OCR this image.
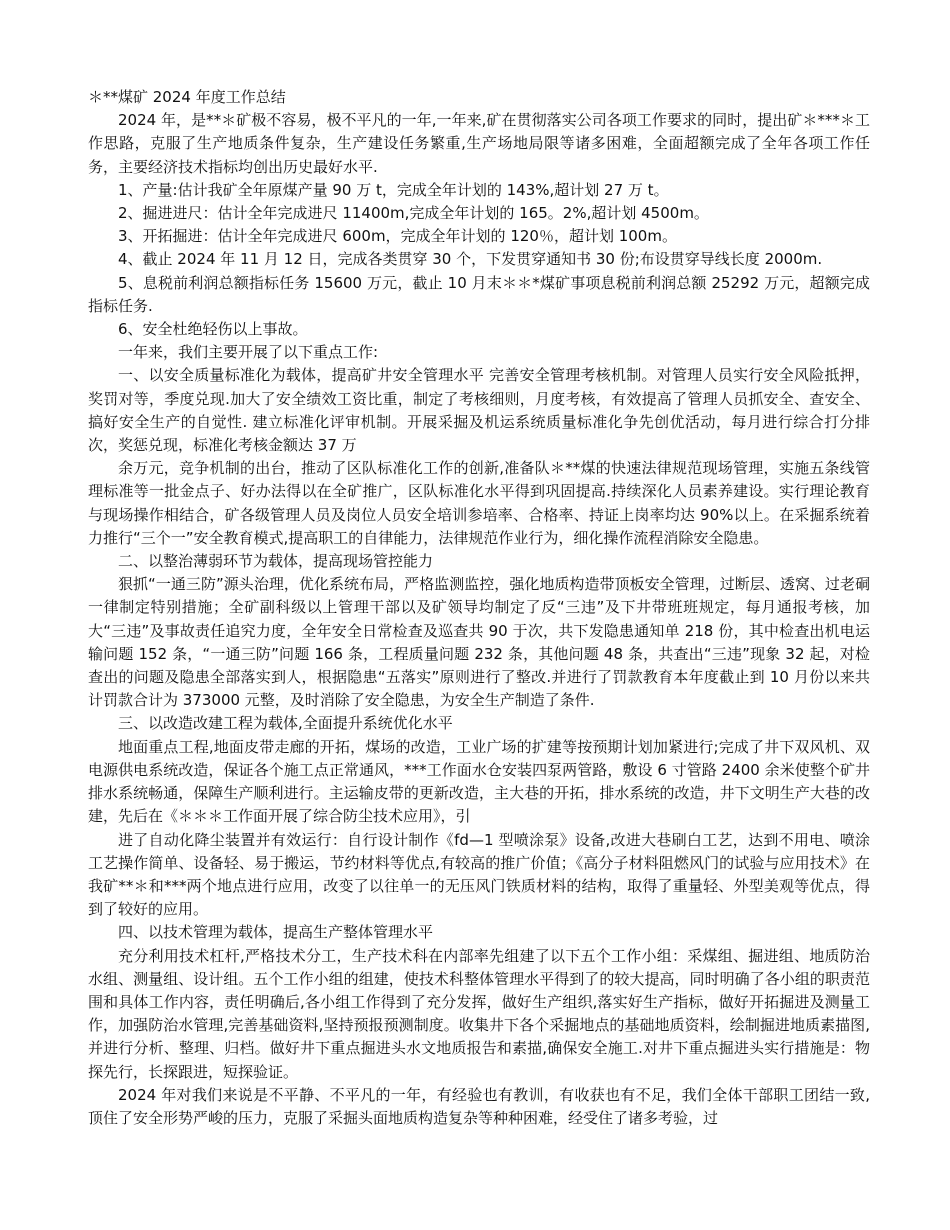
＊**煤矿 2024 年度工作总结

2024 年，是**＊矿极不容易，极不平凡的一年,一年来,矿在贯彻落实公司各项工作要求的同时，提出矿＊***＊工作思路，克服了生产地质条件复杂，生产建设任务繁重,生产场地局限等诸多困难，全面超额完成了全年各项工作任务，主要经济技术指标均创出历史最好水平.

1、产量:估计我矿全年原煤产量 90 万 t，完成全年计划的 143%,超计划 27 万 t。

2、掘进进尺：估计全年完成进尺 11400m,完成全年计划的 165。2%,超计划 4500m。

3、开拓掘进：估计全年完成进尺 600m，完成全年计划的 120％，超计划 100m。

4、截止 2024 年 11 月 12 日，完成各类贯穿 30 个，下发贯穿通知书 30 份;布设贯穿导线长度 2000m.

5、息税前利润总额指标任务 15600 万元，截止 10 月末＊＊*煤矿事项息税前利润总额 25292 万元，超额完成指标任务.

6、安全杜绝轻伤以上事故。

一年来，我们主要开展了以下重点工作:

一、以安全质量标准化为载体，提高矿井安全管理水平 完善安全管理考核机制。对管理人员实行安全风险抵押，奖罚对等，季度兑现.加大了安全绩效工资比重，制定了考核细则，月度考核，有效提高了管理人员抓安全、查安全、搞好安全生产的自觉性. 建立标准化评审机制。开展采掘及机运系统质量标准化争先创优活动，每月进行综合打分排次，奖惩兑现，标准化考核金额达 37 万

余万元，竞争机制的出台，推动了区队标准化工作的创新,准备队＊**煤的快速法律规范现场管理，实施五条线管理标准等一批金点子、好办法得以在全矿推广，区队标准化水平得到巩固提高.持续深化人员素养建设。实行理论教育与现场操作相结合，矿各级管理人员及岗位人员安全培训参培率、合格率、持证上岗率均达 90%以上。在采掘系统着力推行“三个一”安全教育模式,提高职工的自律能力，法律规范作业行为，细化操作流程消除安全隐患。

二、以整治薄弱环节为载体，提高现场管控能力

狠抓“一通三防”源头治理，优化系统布局，严格监测监控，强化地质构造带顶板安全管理，过断层、透窝、过老硐一律制定特别措施；全矿副科级以上管理干部以及矿领导均制定了反“三违”及下井带班班规定，每月通报考核，加大“三违”及事故责任追究力度，全年安全日常检查及巡查共 90 于次，共下发隐患通知单 218 份，其中检查出机电运输问题 152 条，“一通三防”问题 166 条，工程质量问题 232 条，其他问题 48 条，共查出“三违”现象 32 起，对检查出的问题及隐患全部落实到人，根据隐患“五落实”原则进行了整改.并进行了罚款教育本年度截止到 10 月份以来共计罚款合计为 373000 元整，及时消除了安全隐患，为安全生产制造了条件.

三、以改造改建工程为载体,全面提升系统优化水平

地面重点工程,地面皮带走廊的开拓，煤场的改造，工业广场的扩建等按预期计划加紧进行;完成了井下双风机、双电源供电系统改造，保证各个施工点正常通风，***工作面水仓安装四泵两管路，敷设 6 寸管路 2400 余米使整个矿井排水系统畅通，保障生产顺利进行。主运输皮带的更新改造，主大巷的开拓，排水系统的改造，井下文明生产大巷的改建，先后在《＊＊＊工作面开展了综合防尘技术应用》，引

进了自动化降尘装置并有效运行：自行设计制作《fd—1 型喷涂泵》设备,改进大巷刷白工艺，达到不用电、喷涂工艺操作简单、设备轻、易于搬运，节约材料等优点,有较高的推广价值；《高分子材料阻燃风门的试验与应用技术》在我矿**＊和***两个地点进行应用，改变了以往单一的无压风门铁质材料的结构，取得了重量轻、外型美观等优点，得到了较好的应用。

四、以技术管理为载体，提高生产整体管理水平

充分利用技术杠杆,严格技术分工，生产技术科在内部率先组建了以下五个工作小组：采煤组、掘进组、地质防治水组、测量组、设计组。五个工作小组的组建，使技术科整体管理水平得到了的较大提高，同时明确了各小组的职责范围和具体工作内容，责任明确后,各小组工作得到了充分发挥，做好生产组织,落实好生产指标，做好开拓掘进及测量工作，加强防治水管理,完善基础资料,坚持预报预测制度。收集井下各个采掘地点的基础地质资料，绘制掘进地质素描图,并进行分析、整理、归档。做好井下重点掘进头水文地质报告和素描,确保安全施工.对井下重点掘进头实行措施是：物探先行，长探跟进，短探验证。

2024 年对我们来说是不平静、不平凡的一年，有经验也有教训，有收获也有不足，我们全体干部职工团结一致,顶住了安全形势严峻的压力，克服了采掘头面地质构造复杂等种种困难，经受住了诸多考验，过
